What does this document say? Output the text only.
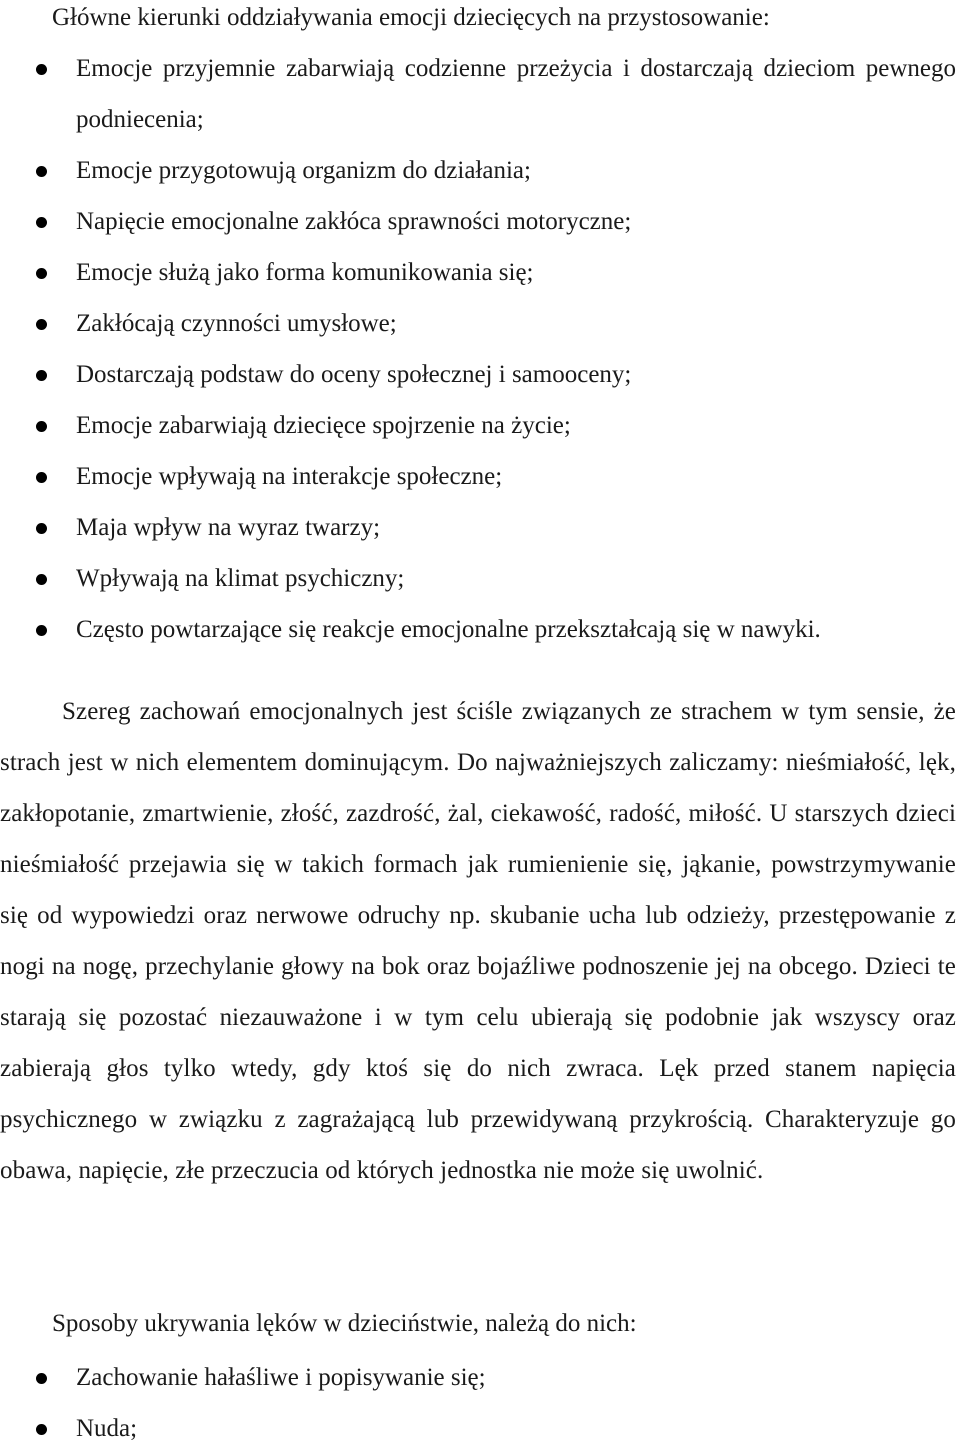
Główne kierunki oddziaływania emocji dziecięcych na przystosowanie:

Emocje przyjemnie zabarwiają codzienne przeżycia i dostarczają dzieciom pewnego podniecenia;
Emocje przygotowują organizm do działania;
Napięcie emocjonalne zakłóca sprawności motoryczne;
Emocje służą jako forma komunikowania się;
Zakłócają czynności umysłowe;
Dostarczają podstaw do oceny społecznej i samooceny;
Emocje zabarwiają dziecięce spojrzenie na życie;
Emocje wpływają na interakcje społeczne;
Maja wpływ na wyraz twarzy;
Wpływają na klimat psychiczny;
Często powtarzające się reakcje emocjonalne przekształcają się w nawyki.

Szereg zachowań emocjonalnych jest ściśle związanych ze strachem w tym sensie, że strach jest w nich elementem dominującym. Do najważniejszych zaliczamy: nieśmiałość, lęk, zakłopotanie, zmartwienie, złość, zazdrość, żal, ciekawość, radość, miłość. U starszych dzieci nieśmiałość przejawia się w takich formach jak rumienienie się, jąkanie, powstrzymywanie się od wypowiedzi oraz nerwowe odruchy np. skubanie ucha lub odzieży, przestępowanie z nogi na nogę, przechylanie głowy na bok oraz bojaźliwe podnoszenie jej na obcego. Dzieci te starają się pozostać niezauważone i w tym celu ubierają się podobnie jak wszyscy oraz zabierają głos tylko wtedy, gdy ktoś się do nich zwraca. Lęk przed stanem napięcia psychicznego w związku z zagrażającą lub przewidywaną przykrością. Charakteryzuje go obawa, napięcie, złe przeczucia od których jednostka nie może się uwolnić.

Sposoby ukrywania lęków w dzieciństwie, należą do nich:

Zachowanie hałaśliwe i popisywanie się;
Nuda;
